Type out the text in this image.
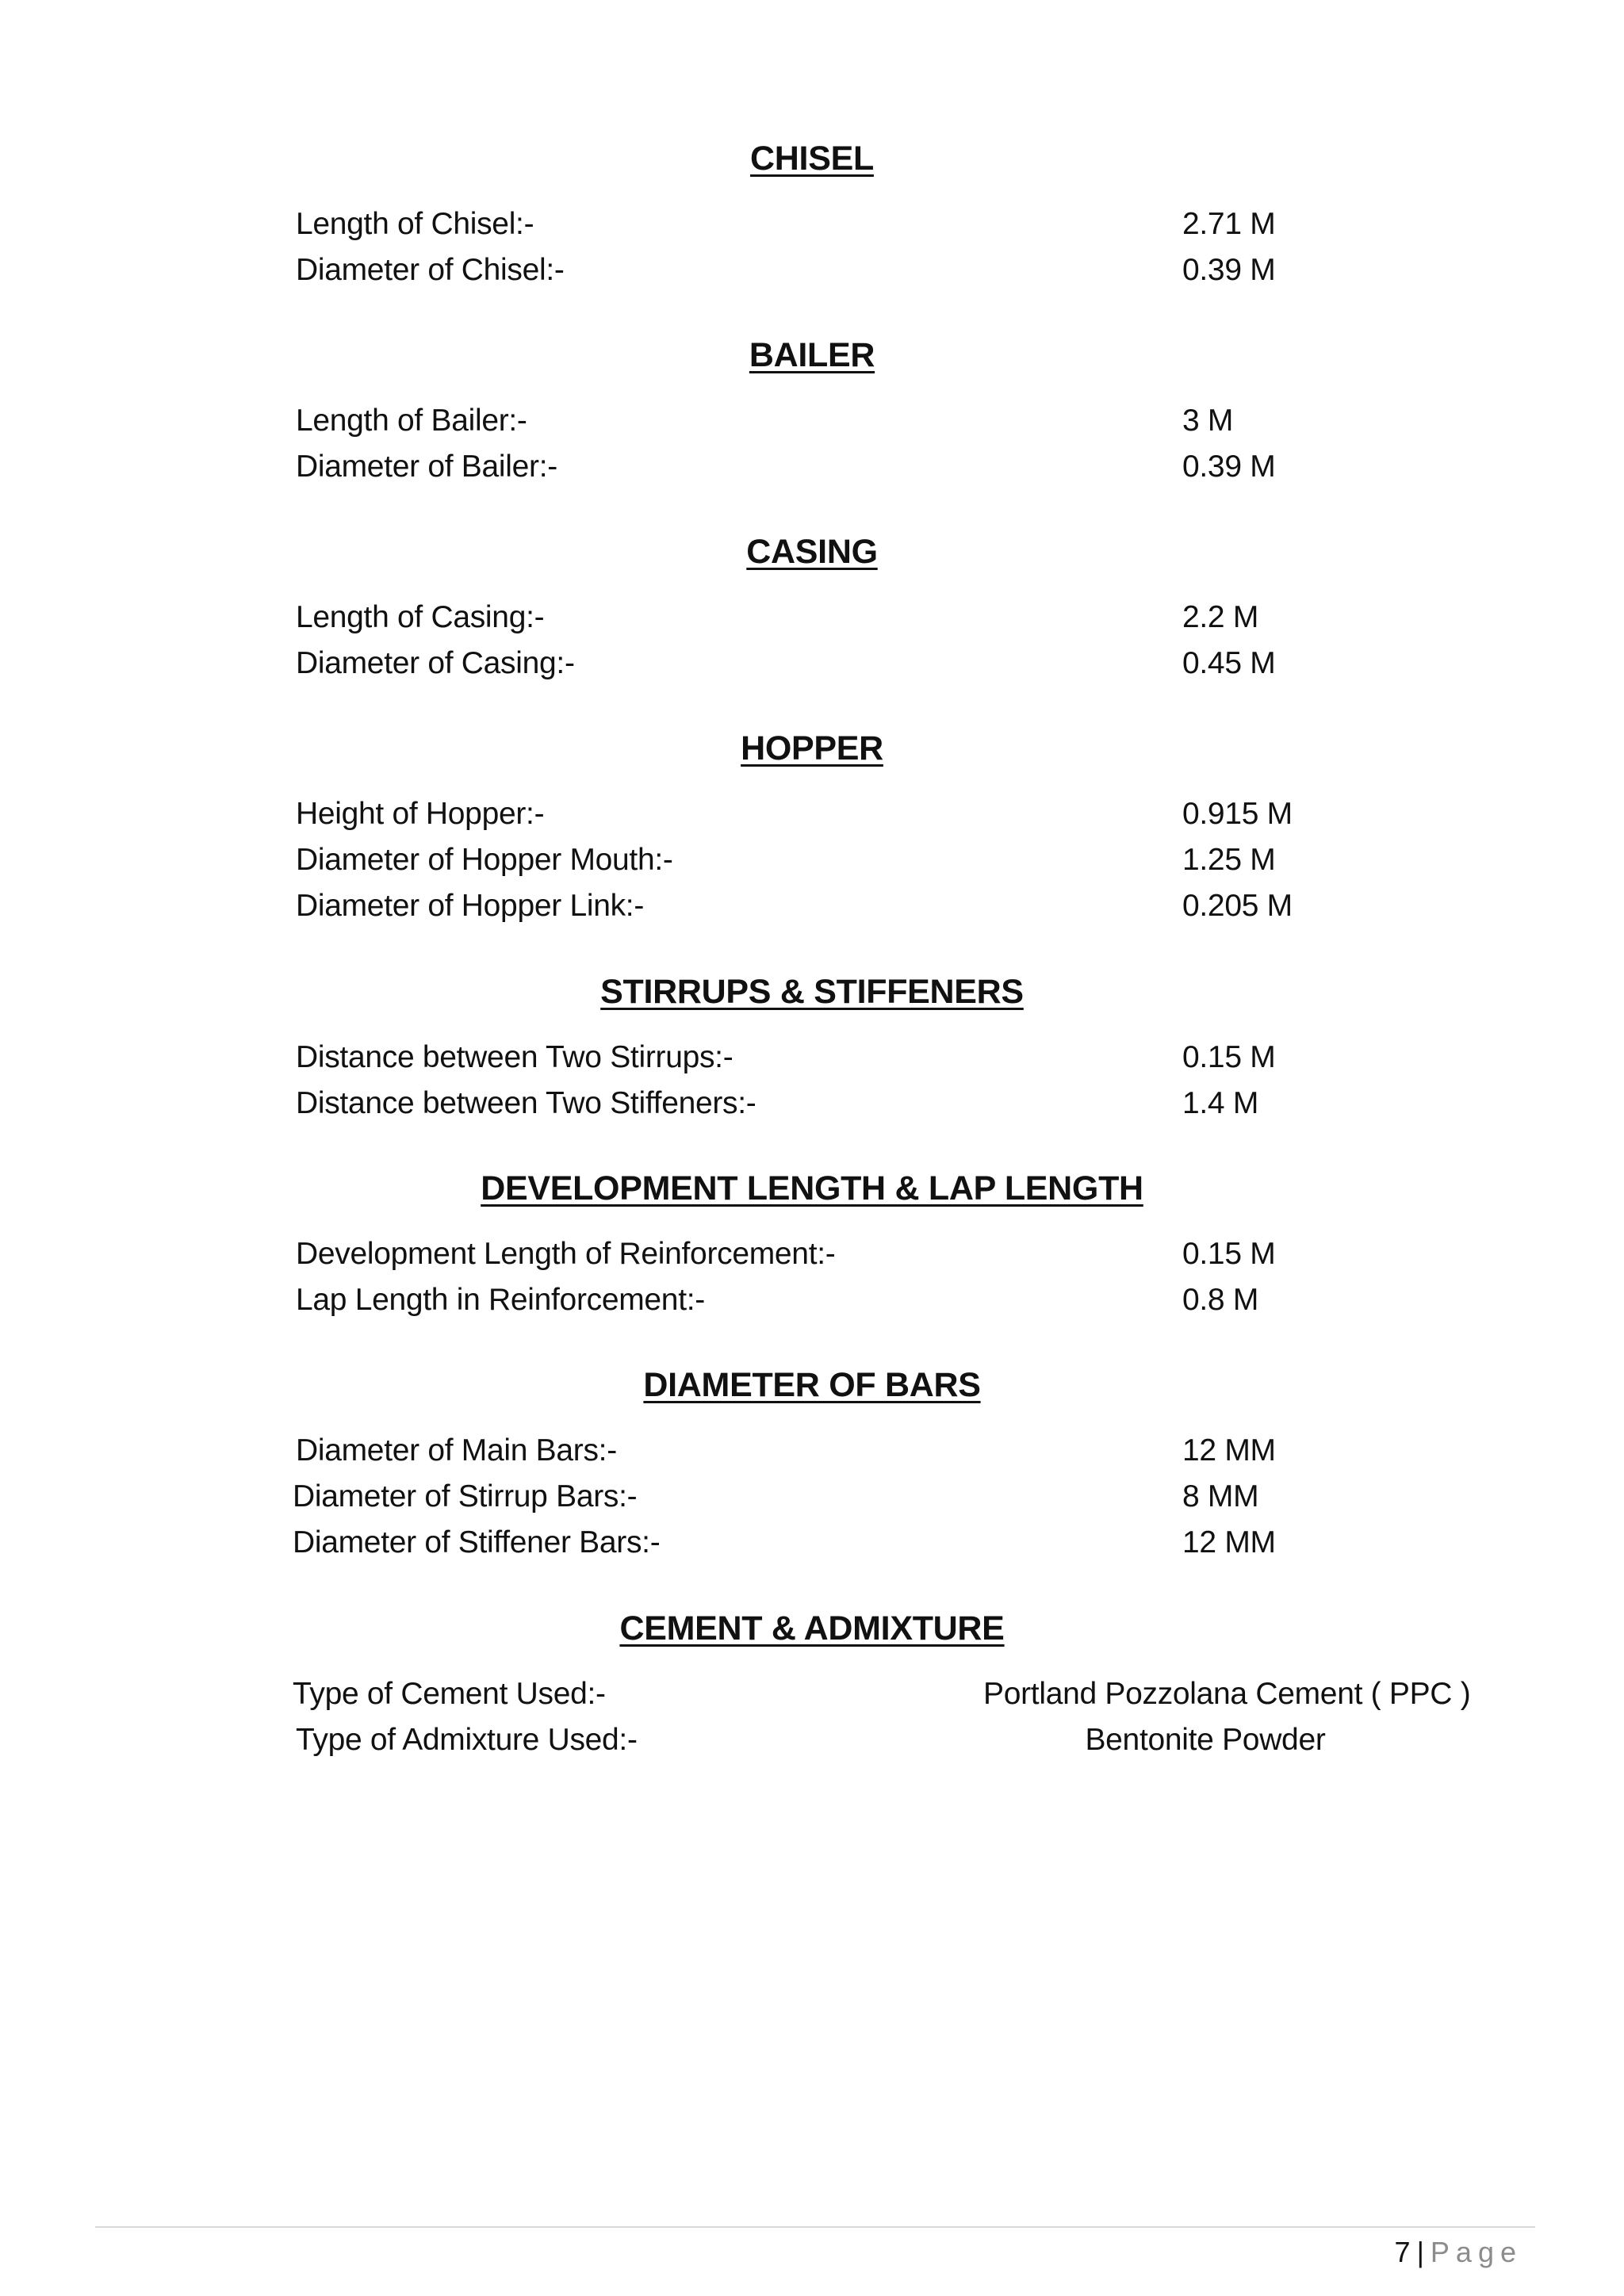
CHISEL
Length of Chisel:-	2.71 M
Diameter of Chisel:-	0.39 M
BAILER
Length of Bailer:-	3 M
Diameter of Bailer:-	0.39 M
CASING
Length of Casing:-	2.2 M
Diameter of Casing:-	0.45 M
HOPPER
Height of Hopper:-	0.915 M
Diameter of Hopper Mouth:-	1.25 M
Diameter of Hopper Link:-	0.205 M
STIRRUPS & STIFFENERS
Distance between Two Stirrups:-	0.15 M
Distance between Two Stiffeners:-	1.4 M
DEVELOPMENT LENGTH & LAP LENGTH
Development Length of Reinforcement:-	0.15 M
Lap Length in Reinforcement:-	0.8 M
DIAMETER OF BARS
Diameter of Main Bars:-	12 MM
Diameter of Stirrup Bars:-	8 MM
Diameter of Stiffener Bars:-	12 MM
CEMENT & ADMIXTURE
Type of Cement Used:-	Portland Pozzolana Cement ( PPC )
Type of Admixture Used:-	Bentonite Powder
7 | Page
